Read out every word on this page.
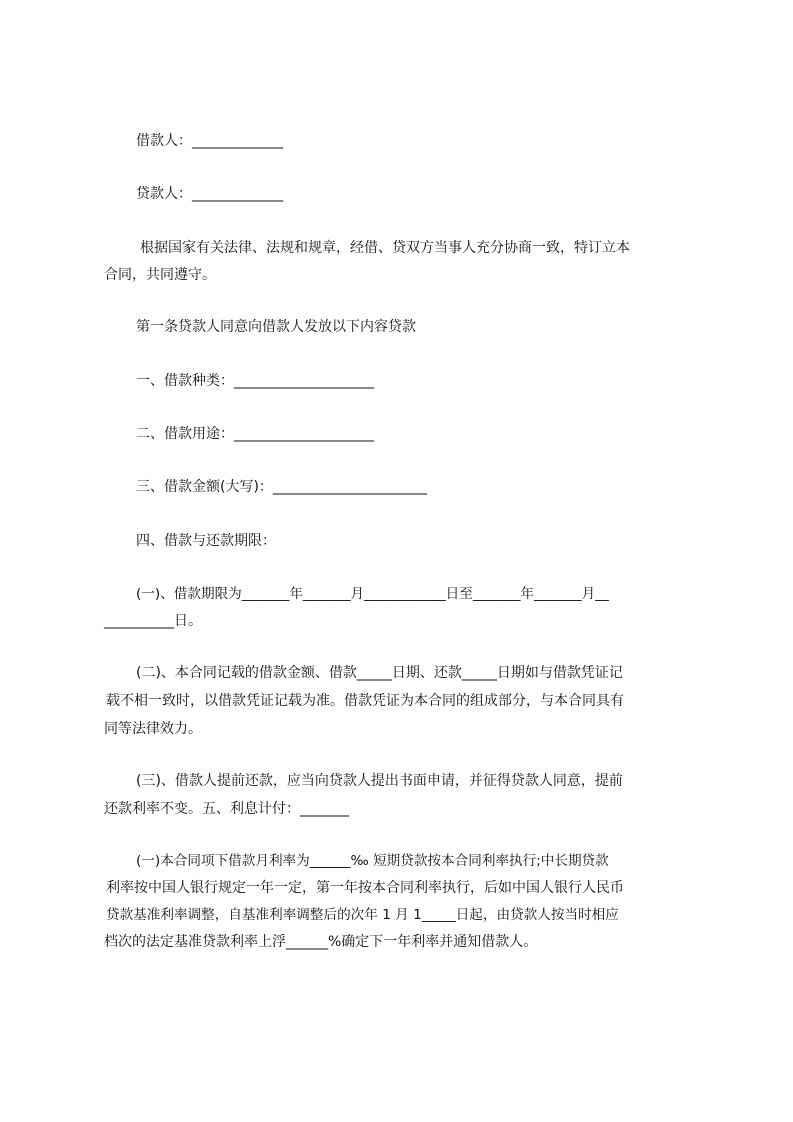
借款人：_____________
贷款人：_____________
根据国家有关法律、法规和规章，经借、贷双方当事人充分协商一致，特订立本
合同，共同遵守。
第一条贷款人同意向借款人发放以下内容贷款
一、借款种类：____________________
二、借款用途：____________________
三、借款金额(大写)：______________________
四、借款与还款期限：
(一)、借款期限为_______年_______月____________日至_______年_______月__
__________日。
(二)、本合同记载的借款金额、借款_____日期、还款_____日期如与借款凭证记
载不相一致时，以借款凭证记载为准。借款凭证为本合同的组成部分，与本合同具有
同等法律效力。
(三)、借款人提前还款，应当向贷款人提出书面申请，并征得贷款人同意，提前
还款利率不变。五、利息计付：_______
(一)本合同项下借款月利率为______‰ 短期贷款按本合同利率执行;中长期贷款
利率按中国人银行规定一年一定，第一年按本合同利率执行，后如中国人银行人民币
贷款基准利率调整，自基准利率调整后的次年 1 月 1_____日起，由贷款人按当时相应
档次的法定基准贷款利率上浮______%确定下一年利率并通知借款人。
